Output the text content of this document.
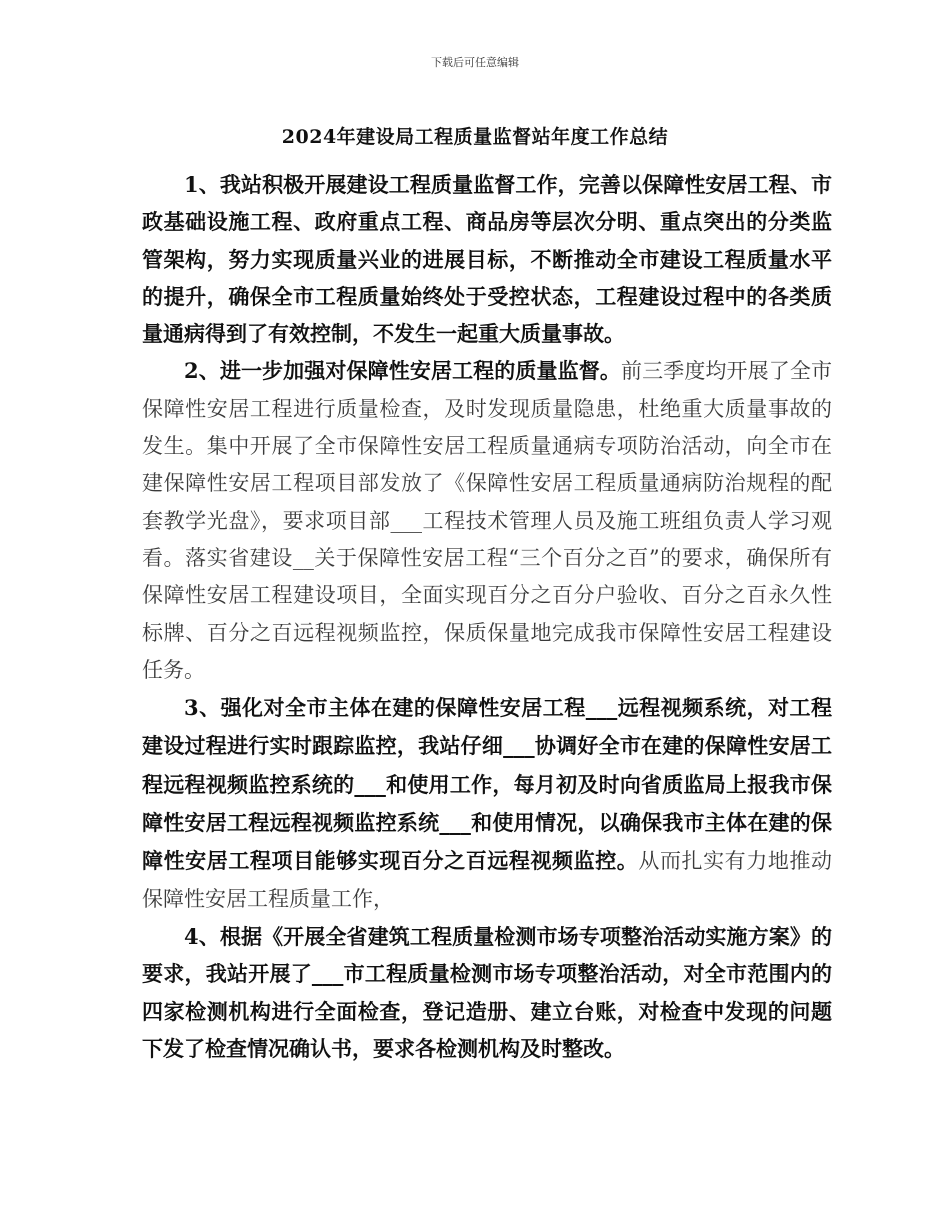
下载后可任意编辑
2024年建设局工程质量监督站年度工作总结

1、我站积极开展建设工程质量监督工作，完善以保障性安居工程、市政基础设施工程、政府重点工程、商品房等层次分明、重点突出的分类监管架构，努力实现质量兴业的进展目标，不断推动全市建设工程质量水平的提升，确保全市工程质量始终处于受控状态，工程建设过程中的各类质量通病得到了有效控制，不发生一起重大质量事故。

2、进一步加强对保障性安居工程的质量监督。前三季度均开展了全市保障性安居工程进行质量检查，及时发现质量隐患，杜绝重大质量事故的发生。集中开展了全市保障性安居工程质量通病专项防治活动，向全市在建保障性安居工程项目部发放了《保障性安居工程质量通病防治规程的配套教学光盘》，要求项目部___工程技术管理人员及施工班组负责人学习观看。落实省建设__关于保障性安居工程“三个百分之百”的要求，确保所有保障性安居工程建设项目，全面实现百分之百分户验收、百分之百永久性标牌、百分之百远程视频监控，保质保量地完成我市保障性安居工程建设任务。

3、强化对全市主体在建的保障性安居工程___远程视频系统，对工程建设过程进行实时跟踪监控，我站仔细___协调好全市在建的保障性安居工程远程视频监控系统的___和使用工作，每月初及时向省质监局上报我市保障性安居工程远程视频监控系统___和使用情况，以确保我市主体在建的保障性安居工程项目能够实现百分之百远程视频监控。从而扎实有力地推动保障性安居工程质量工作，

4、根据《开展全省建筑工程质量检测市场专项整治活动实施方案》的要求，我站开展了___市工程质量检测市场专项整治活动，对全市范围内的四家检测机构进行全面检查，登记造册、建立台账，对检查中发现的问题下发了检查情况确认书，要求各检测机构及时整改。
